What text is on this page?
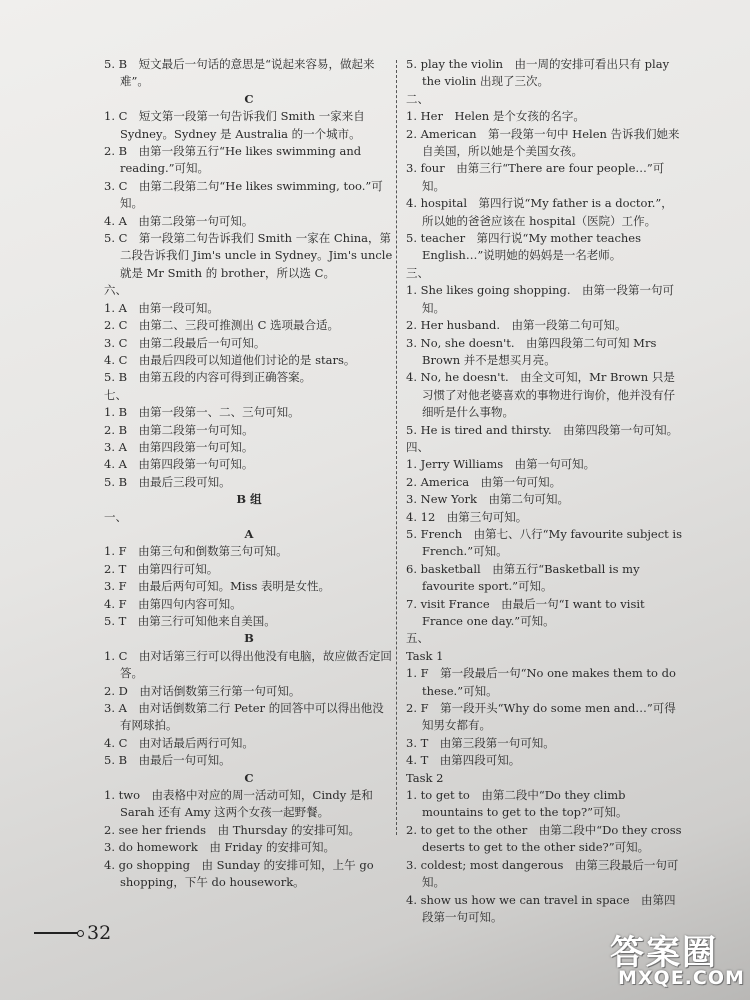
5. B　短文最后一句话的意思是“说起来容易，做起来难”。
C
1. C　短文第一段第一句告诉我们 Smith 一家来自 Sydney。Sydney 是 Australia 的一个城市。
2. B　由第一段第五行“He likes swimming and reading.”可知。
3. C　由第二段第二句“He likes swimming, too.”可知。
4. A　由第二段第一句可知。
5. C　第一段第二句告诉我们 Smith 一家在 China，第二段告诉我们 Jim's uncle in Sydney。Jim's uncle 就是 Mr Smith 的 brother，所以选 C。
六、
1. A　由第一段可知。
2. C　由第二、三段可推测出 C 选项最合适。
3. C　由第二段最后一句可知。
4. C　由最后四段可以知道他们讨论的是 stars。
5. B　由第五段的内容可得到正确答案。
七、
1. B　由第一段第一、二、三句可知。
2. B　由第二段第一句可知。
3. A　由第四段第一句可知。
4. A　由第四段第一句可知。
5. B　由最后三段可知。
B 组
一、
A
1. F　由第三句和倒数第三句可知。
2. T　由第四行可知。
3. F　由最后两句可知。Miss 表明是女性。
4. F　由第四句内容可知。
5. T　由第三行可知他来自美国。
B
1. C　由对话第三行可以得出他没有电脑，故应做否定回答。
2. D　由对话倒数第三行第一句可知。
3. A　由对话倒数第二行 Peter 的回答中可以得出他没有网球拍。
4. C　由对话最后两行可知。
5. B　由最后一句可知。
C
1. two　由表格中对应的周一活动可知，Cindy 是和 Sarah 还有 Amy 这两个女孩一起野餐。
2. see her friends　由 Thursday 的安排可知。
3. do homework　由 Friday 的安排可知。
4. go shopping　由 Sunday 的安排可知，上午 go shopping，下午 do housework。
5. play the violin　由一周的安排可看出只有 play the violin 出现了三次。
二、
1. Her　Helen 是个女孩的名字。
2. American　第一段第一句中 Helen 告诉我们她来自美国，所以她是个美国女孩。
3. four　由第三行“There are four people…”可知。
4. hospital　第四行说“My father is a doctor.”，所以她的爸爸应该在 hospital（医院）工作。
5. teacher　第四行说“My mother teaches English…”说明她的妈妈是一名老师。
三、
1. She likes going shopping.　由第一段第一句可知。
2. Her husband.　由第一段第二句可知。
3. No, she doesn't.　由第四段第二句可知 Mrs Brown 并不是想买月亮。
4. No, he doesn't.　由全文可知，Mr Brown 只是习惯了对他老婆喜欢的事物进行询价，他并没有仔细听是什么事物。
5. He is tired and thirsty.　由第四段第一句可知。
四、
1. Jerry Williams　由第一句可知。
2. America　由第一句可知。
3. New York　由第二句可知。
4. 12　由第三句可知。
5. French　由第七、八行“My favourite subject is French.”可知。
6. basketball　由第五行“Basketball is my favourite sport.”可知。
7. visit France　由最后一句“I want to visit France one day.”可知。
五、
Task 1
1. F　第一段最后一句“No one makes them to do these.”可知。
2. F　第一段开头“Why do some men and…”可得知男女都有。
3. T　由第三段第一句可知。
4. T　由第四段可知。
Task 2
1. to get to　由第二段中“Do they climb mountains to get to the top?”可知。
2. to get to the other　由第二段中“Do they cross deserts to get to the other side?”可知。
3. coldest; most dangerous　由第三段最后一句可知。
4. show us how we can travel in space　由第四段第一句可知。
32	答案圈
MXQE.COM
